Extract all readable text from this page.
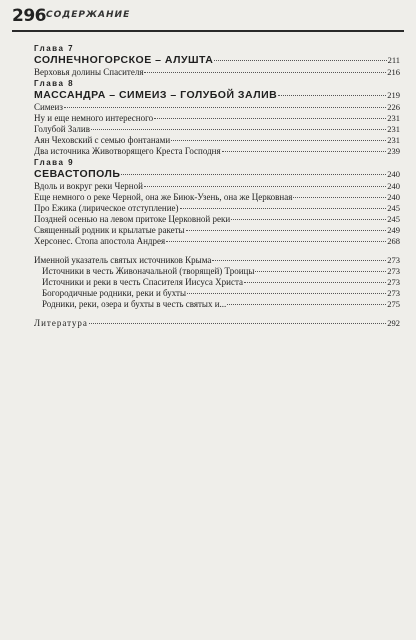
296 СОДЕРЖАНИЕ
Глава 7
СОЛНЕЧНОГОРСКОЕ – АЛУШТА	211
Верховья долины Спасителя	216
Глава 8
МАССАНДРА – СИМЕИЗ – ГОЛУБОЙ ЗАЛИВ	219
Симеиз	226
Ну и еще немного интересного	231
Голубой Залив	231
Аян Чеховский с семью фонтанами	231
Два источника Животворящего Креста Господня	239
Глава 9
СЕВАСТОПОЛЬ	240
Вдоль и вокруг реки Черной	240
Еще немного о реке Черной, она же Биюк-Узень, она же Церковная	240
Про Ежика (лирическое отступление)	245
Поздней осенью на левом притоке Церковной реки	245
Священный родник и крылатые ракеты	249
Херсонес. Стопа апостола Андрея	268
Именной указатель святых источников Крыма	273
Источники в честь Живоначальной (творящей) Троицы	273
Источники и реки в честь Спасителя Иисуса Христа	273
Богородичные родники, реки и бухты	273
Родники, реки, озера и бухты в честь святых и...	275
Литература	292
